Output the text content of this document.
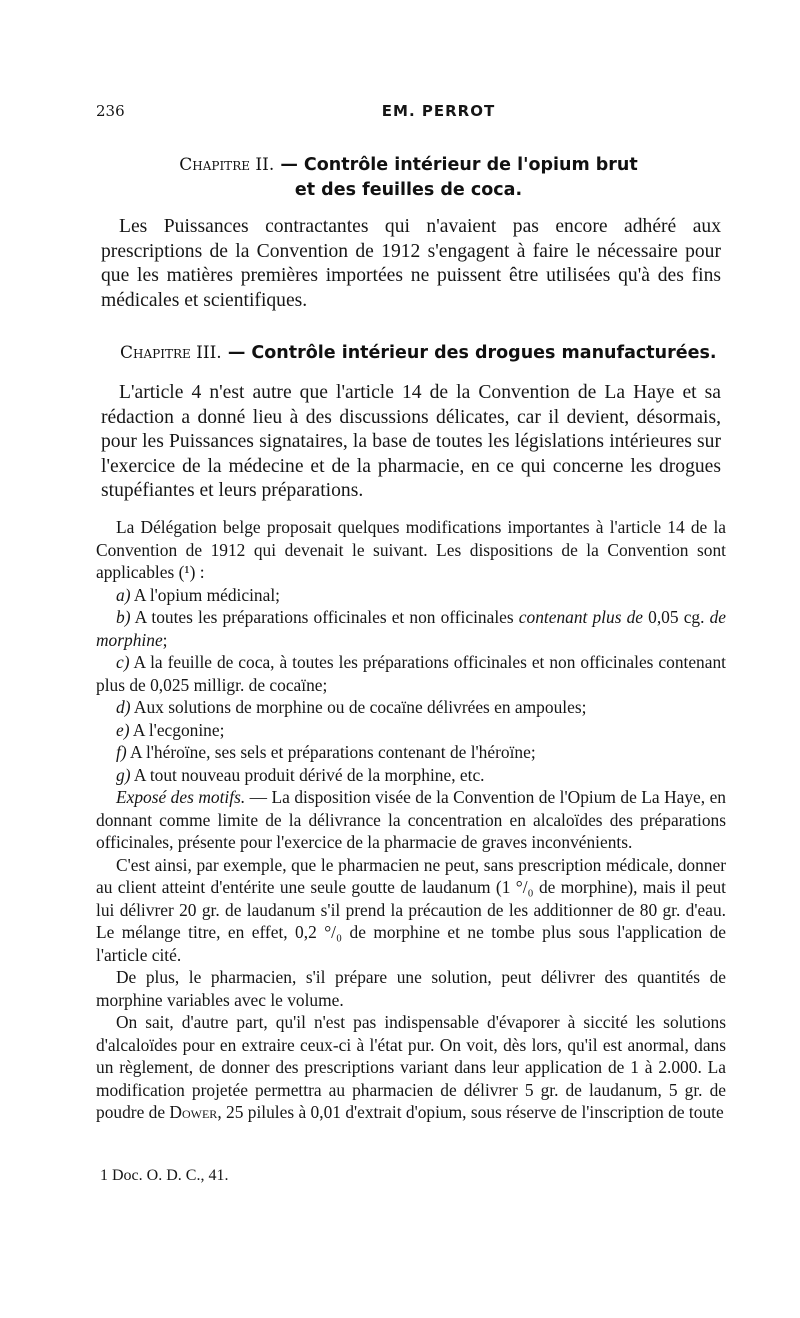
236	EM. PERROT
Chapitre II. — Contrôle intérieur de l'opium brut
et des feuilles de coca.

Les Puissances contractantes qui n'avaient pas encore adhéré aux prescriptions de la Convention de 1912 s'engagent à faire le nécessaire pour que les matières premières importées ne puissent être utilisées qu'à des fins médicales et scientifiques.

Chapitre III. — Contrôle intérieur des drogues manufacturées.

L'article 4 n'est autre que l'article 14 de la Convention de La Haye et sa rédaction a donné lieu à des discussions délicates, car il devient, désormais, pour les Puissances signataires, la base de toutes les législations intérieures sur l'exercice de la médecine et de la pharmacie, en ce qui concerne les drogues stupéfiantes et leurs préparations.

La Délégation belge proposait quelques modifications importantes à l'article 14 de la Convention de 1912 qui devenait le suivant. Les dispositions de la Convention sont applicables (¹) :

a) A l'opium médicinal;

b) A toutes les préparations officinales et non officinales contenant plus de 0,05 cg. de morphine;

c) A la feuille de coca, à toutes les préparations officinales et non officinales contenant plus de 0,025 milligr. de cocaïne;

d) Aux solutions de morphine ou de cocaïne délivrées en ampoules;

e) A l'ecgonine;

f) A l'héroïne, ses sels et préparations contenant de l'héroïne;

g) A tout nouveau produit dérivé de la morphine, etc.

Exposé des motifs. — La disposition visée de la Convention de l'Opium de La Haye, en donnant comme limite de la délivrance la concentration en alcaloïdes des préparations officinales, présente pour l'exercice de la pharmacie de graves inconvénients.

C'est ainsi, par exemple, que le pharmacien ne peut, sans prescription médicale, donner au client atteint d'entérite une seule goutte de laudanum (1 °/₀ de morphine), mais il peut lui délivrer 20 gr. de laudanum s'il prend la précaution de les additionner de 80 gr. d'eau. Le mélange titre, en effet, 0,2 °/₀ de morphine et ne tombe plus sous l'application de l'article cité.

De plus, le pharmacien, s'il prépare une solution, peut délivrer des quantités de morphine variables avec le volume.

On sait, d'autre part, qu'il n'est pas indispensable d'évaporer à siccité les solutions d'alcaloïdes pour en extraire ceux-ci à l'état pur. On voit, dès lors, qu'il est anormal, dans un règlement, de donner des prescriptions variant dans leur application de 1 à 2.000. La modification projetée permettra au pharmacien de délivrer 5 gr. de laudanum, 5 gr. de poudre de Dower, 25 pilules à 0,01 d'extrait d'opium, sous réserve de l'inscription de toute

1 Doc. O. D. C., 41.
